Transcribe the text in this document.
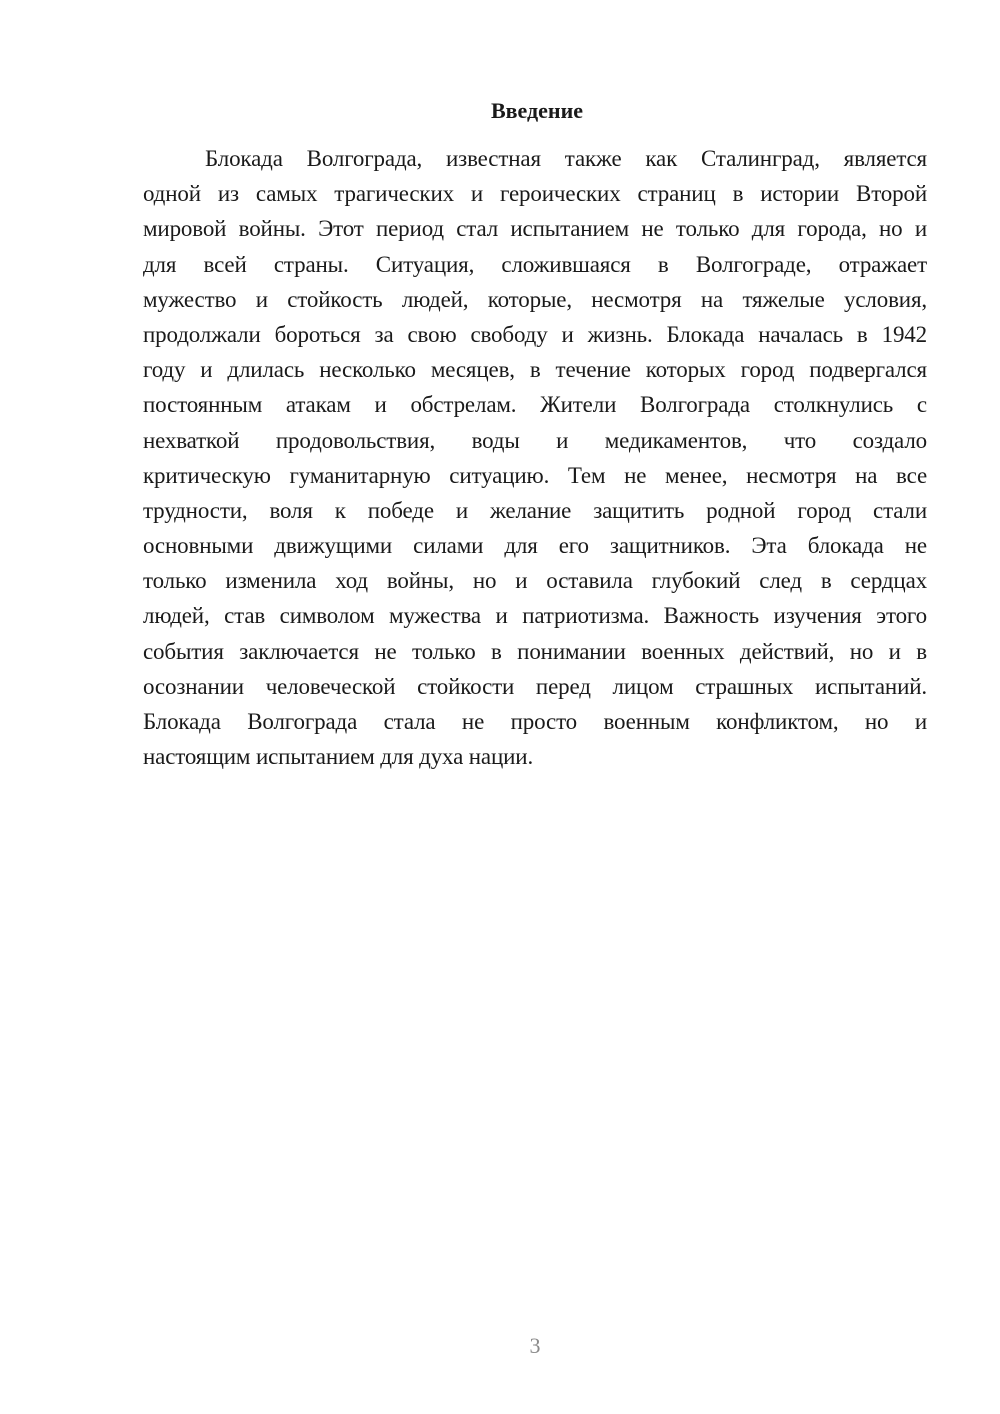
Введение
Блокада Волгограда, известная также как Сталинград, является
одной из самых трагических и героических страниц в истории Второй
мировой войны. Этот период стал испытанием не только для города, но и
для всей страны. Ситуация, сложившаяся в Волгограде, отражает
мужество и стойкость людей, которые, несмотря на тяжелые условия,
продолжали бороться за свою свободу и жизнь. Блокада началась в 1942
году и длилась несколько месяцев, в течение которых город подвергался
постоянным атакам и обстрелам. Жители Волгограда столкнулись с
нехваткой продовольствия, воды и медикаментов, что создало
критическую гуманитарную ситуацию. Тем не менее, несмотря на все
трудности, воля к победе и желание защитить родной город стали
основными движущими силами для его защитников. Эта блокада не
только изменила ход войны, но и оставила глубокий след в сердцах
людей, став символом мужества и патриотизма. Важность изучения этого
события заключается не только в понимании военных действий, но и в
осознании человеческой стойкости перед лицом страшных испытаний.
Блокада Волгограда стала не просто военным конфликтом, но и
настоящим испытанием для духа нации.
3
